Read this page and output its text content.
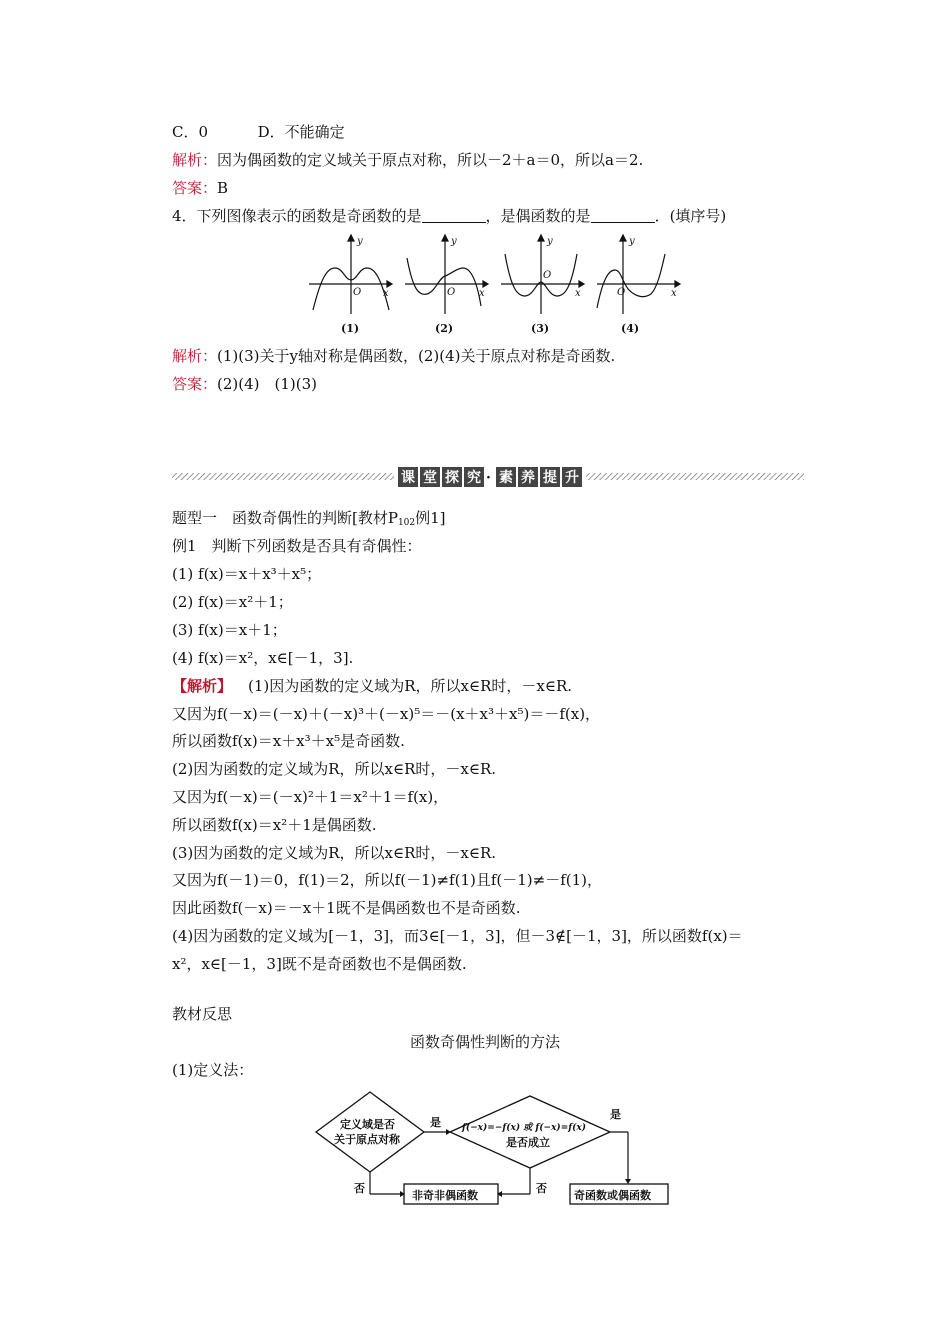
C．0	D．不能确定
解析：因为偶函数的定义域关于原点对称，所以－2＋a＝0，所以a＝2.
答案：B
4．下列图像表示的函数是奇函数的是	，是偶函数的是	．(填序号)
y
x
O
y
x
O
y
x
O
y
x
O
(1)	(2)	(3)	(4)
解析：(1)(3)关于y轴对称是偶函数，(2)(4)关于原点对称是奇函数.
答案：(2)(4)　(1)(3)
课 堂 探 究 · 素 养 提 升
题型一　函数奇偶性的判断[教材$P_{102}$例1]
例1　判断下列函数是否具有奇偶性：
(1) f(x)＝x＋x³＋x⁵；
(2) f(x)＝x²＋1；
(3) f(x)＝x＋1；
(4) f(x)＝x²，x∈[－1，3].
【解析】 (1)因为函数的定义域为R，所以x∈R时，－x∈R.
又因为f(－x)＝(－x)＋(－x)³＋(－x)⁵＝－(x＋x³＋x⁵)＝－f(x)，
所以函数f(x)＝x＋x³＋x⁵是奇函数.
(2)因为函数的定义域为R，所以x∈R时，－x∈R.
又因为f(－x)＝(－x)²＋1＝x²＋1＝f(x)，
所以函数f(x)＝x²＋1是偶函数.
(3)因为函数的定义域为R，所以x∈R时，－x∈R.
又因为f(－1)＝0，f(1)＝2，所以f(－1)≠f(1)且f(－1)≠－f(1)，
因此函数f(－x)＝－x＋1既不是偶函数也不是奇函数.
(4)因为函数的定义域为[－1，3]，而3∈[－1，3]，但－3∉[－1，3]，所以函数f(x)＝
x²，x∈[－1，3]既不是奇函数也不是偶函数.
教材反思
函数奇偶性判断的方法
(1)定义法：
定义域是否
关于原点对称
f(−x)=−f(x) 或 f(−x)=f(x)
是否成立
是
是
否	否
非奇非偶函数	奇函数或偶函数
